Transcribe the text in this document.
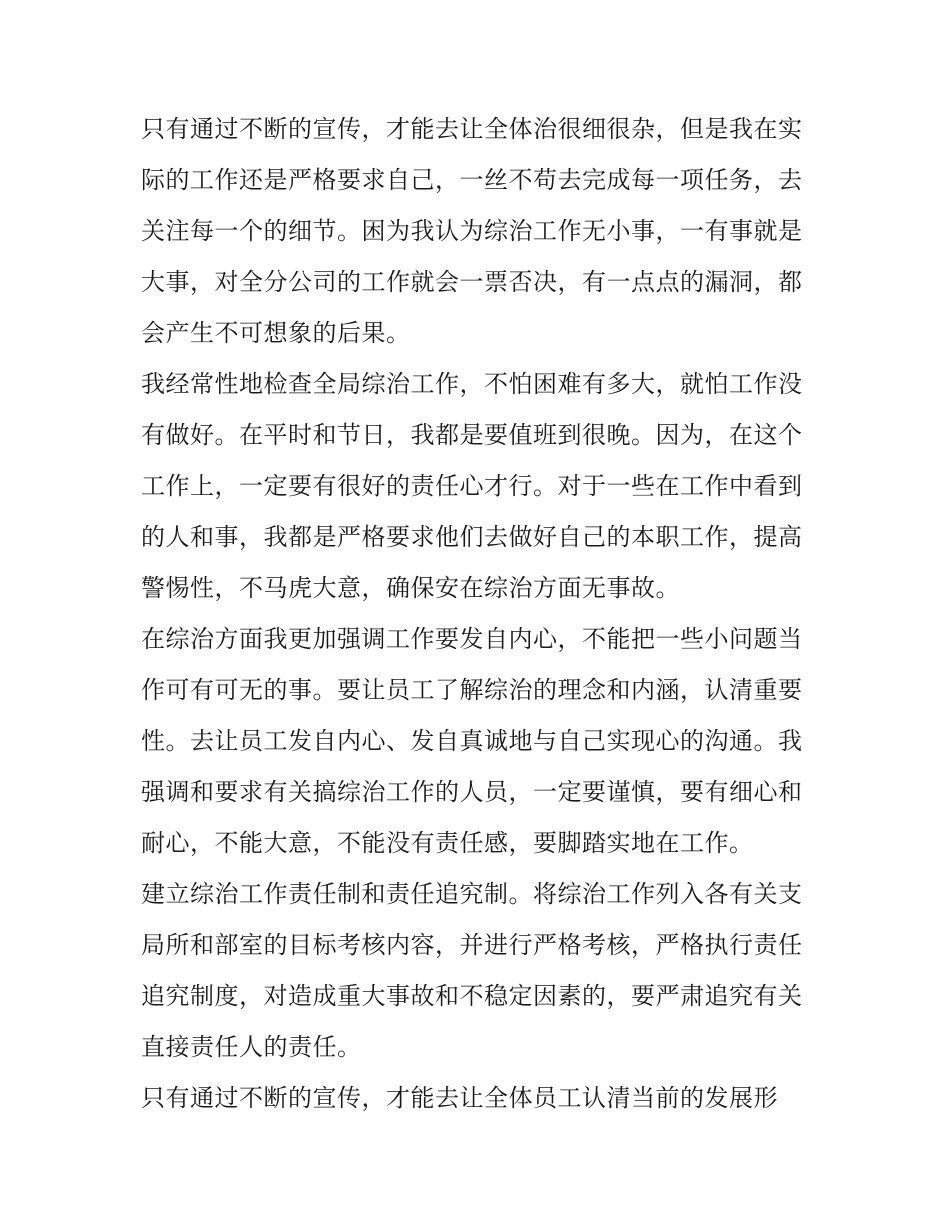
只有通过不断的宣传，才能去让全体治很细很杂，但是我在实
际的工作还是严格要求自己，一丝不苟去完成每一项任务，去
关注每一个的细节。困为我认为综治工作无小事，一有事就是
大事，对全分公司的工作就会一票否决，有一点点的漏洞，都
会产生不可想象的后果。

我经常性地检查全局综治工作，不怕困难有多大，就怕工作没
有做好。在平时和节日，我都是要值班到很晚。因为，在这个
工作上，一定要有很好的责任心才行。对于一些在工作中看到
的人和事，我都是严格要求他们去做好自己的本职工作，提高
警惕性，不马虎大意，确保安在综治方面无事故。

在综治方面我更加强调工作要发自内心，不能把一些小问题当
作可有可无的事。要让员工了解综治的理念和内涵，认清重要
性。去让员工发自内心、发自真诚地与自己实现心的沟通。我
强调和要求有关搞综治工作的人员，一定要谨慎，要有细心和
耐心，不能大意，不能没有责任感，要脚踏实地在工作。

建立综治工作责任制和责任追究制。将综治工作列入各有关支
局所和部室的目标考核内容，并进行严格考核，严格执行责任
追究制度，对造成重大事故和不稳定因素的，要严肃追究有关
直接责任人的责任。

只有通过不断的宣传，才能去让全体员工认清当前的发展形
